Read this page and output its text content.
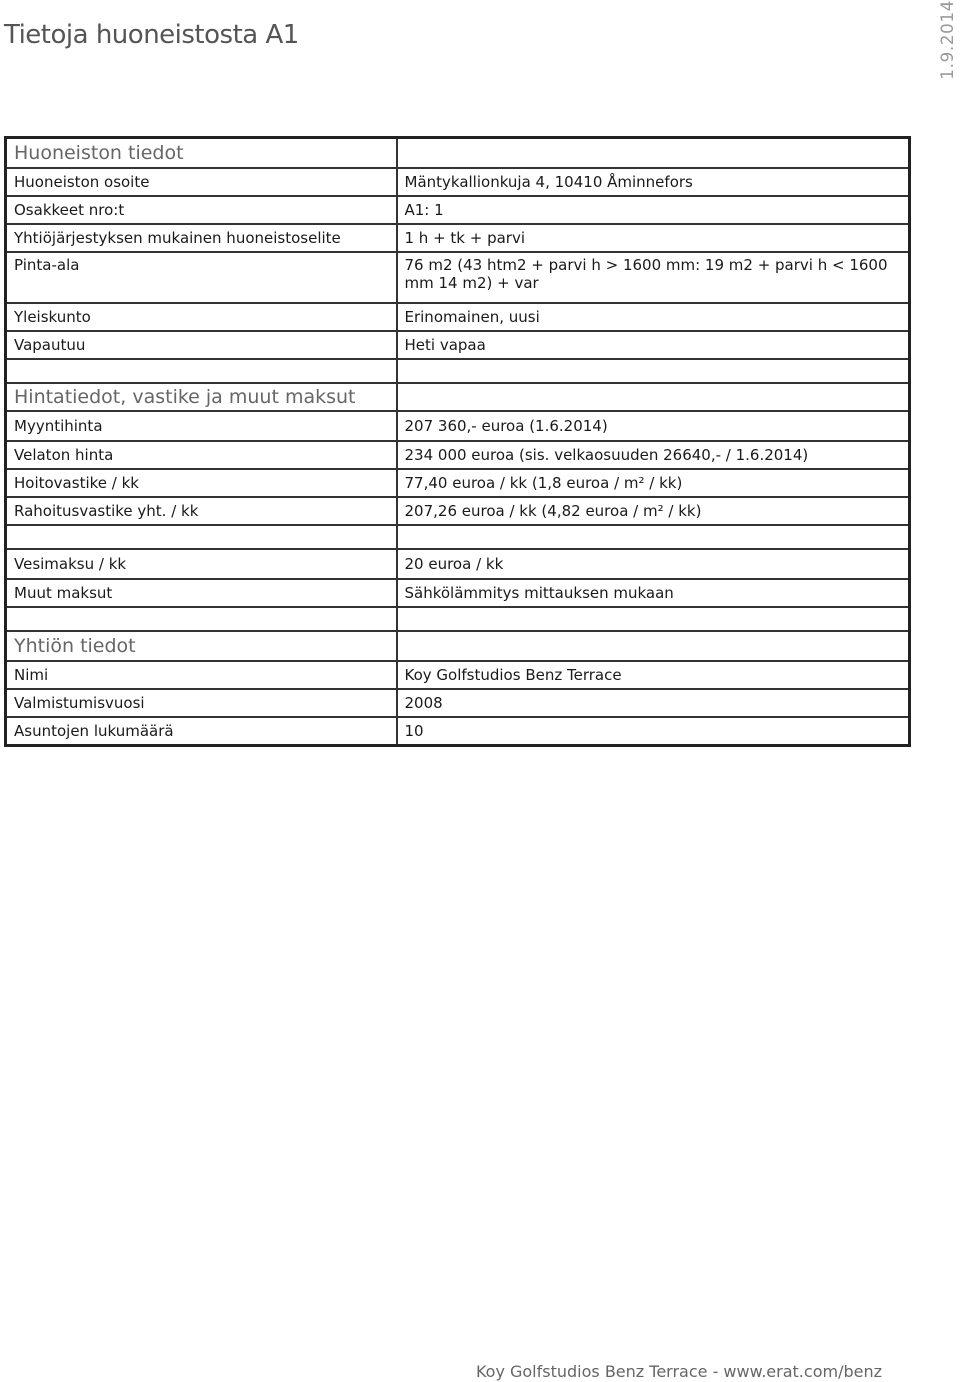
Tietoja huoneistosta A1	1.9.2014
Huoneiston tiedot	
Huoneiston osoite	Mäntykallionkuja 4, 10410 Åminnefors
Osakkeet nro:t	A1: 1
Yhtiöjärjestyksen mukainen huoneistoselite	1 h + tk + parvi
Pinta-ala	76 m2 (43 htm2 + parvi h > 1600 mm: 19 m2 + parvi h < 1600 mm 14 m2) + var
Yleiskunto	Erinomainen, uusi
Vapautuu	Heti vapaa

Hintatiedot, vastike ja muut maksut	
Myyntihinta	207 360,- euroa (1.6.2014)
Velaton hinta	234 000 euroa (sis. velkaosuuden 26640,- / 1.6.2014)
Hoitovastike / kk	77,40 euroa / kk (1,8 euroa / m² / kk)
Rahoitusvastike yht. / kk	207,26 euroa / kk (4,82 euroa / m² / kk)

Vesimaksu / kk	20 euroa / kk
Muut maksut	Sähkölämmitys mittauksen mukaan

Yhtiön tiedot	
Nimi	Koy Golfstudios Benz Terrace
Valmistumisvuosi	2008
Asuntojen lukumäärä	10
Koy Golfstudios Benz Terrace - www.erat.com/benz
